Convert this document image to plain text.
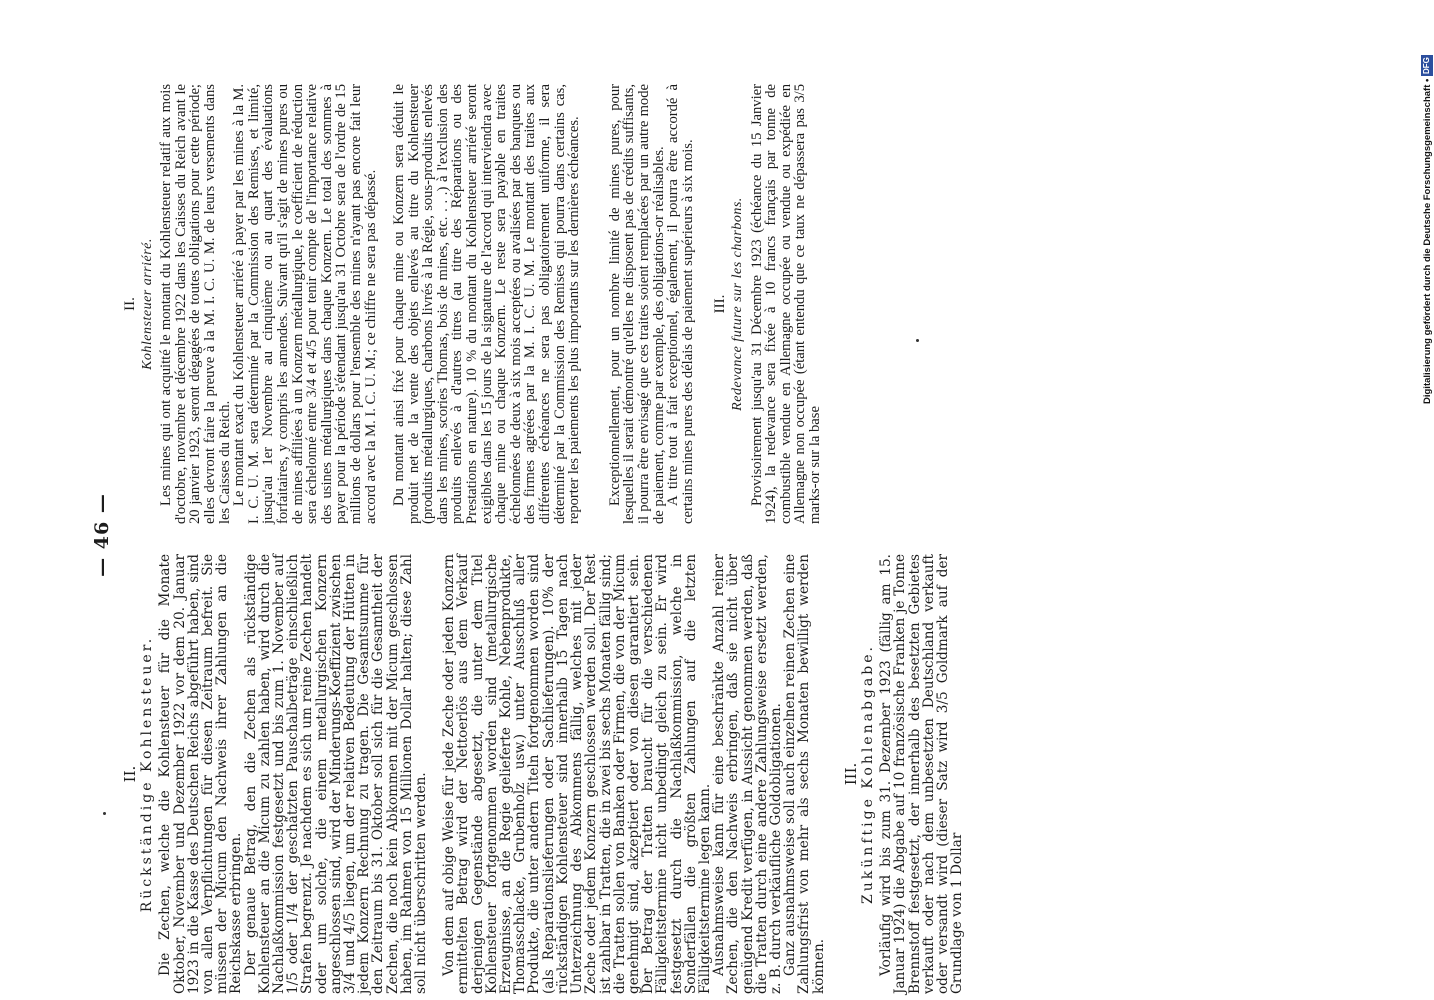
— 46 —
II. Rückständige Kohlensteuer. Die Zechen, welche die Kohlensteuer für die Monate Oktober, November und Dezember 1922 vor dem 20. Januar 1923 in die Kasse des Deutschen Reichs abgeführt haben, sind von allen Verpflichtungen für diesen Zeitraum befreit. Sie müssen der Micum den Nachweis ihrer Zahlungen an die Reichskasse erbringen.

Der genaue Betrag, den die Zechen als rückständige Kohlensteuer an die Micum zu zahlen haben, wird durch die Nachlaßkommission festgesetzt und bis zum 1. November auf 1/5 oder 1/4 der geschätzten Pauschalbeträge einschließlich Strafen begrenzt. Je nachdem es sich um reine Zechen handelt oder um solche, die einem metallurgischen Konzern angeschlossen sind, wird der Minderungs-Koeffizient zwischen 3/4 und 4/5 liegen, um der relativen Bedeutung der Hütten in jedem Konzern Rechnung zu tragen. Die Gesamtsumme für den Zeitraum bis 31. Oktober soll sich für die Gesamtheit der Zechen, die noch kein Abkommen mit der Micum geschlossen haben, im Rahmen von 15 Millionen Dollar halten; diese Zahl soll nicht überschritten werden. Von dem auf obige Weise für jede Zeche oder jeden Konzern ermittelten Betrag wird der Nettoerlös aus dem Verkauf derjenigen Gegenstände abgesetzt, die unter dem Titel Kohlensteuer fortgenommen worden sind (metallurgische Erzeugnisse, an die Regie gelieferte Kohle, Nebenprodukte, Thomasschlacke, Grubenholz usw.) unter Ausschluß aller Produkte, die unter andern Titeln fortgenommen worden sind (als Reparationslieferungen oder Sachlieferungen). 10% der rückständigen Kohlensteuer sind innerhalb 15 Tagen nach Unterzeichnung des Abkommens fällig, welches mit jeder Zeche oder jedem Konzern geschlossen werden soll. Der Rest ist zahlbar in Tratten, die in zwei bis sechs Monaten fällig sind; die Tratten sollen von Banken oder Firmen, die von der Micum genehmigt sind, akzeptiert oder von diesen garantiert sein. Der Betrag der Tratten braucht für die verschiedenen Fälligkeitstermine nicht unbedingt gleich zu sein. Er wird festgesetzt durch die Nachlaßkommission, welche in Sonderfällen die größten Zahlungen auf die letzten Fälligkeitstermine legen kann.

Ausnahmsweise kann für eine beschränkte Anzahl reiner Zechen, die den Nachweis erbringen, daß sie nicht über genügend Kredit verfügen, in Aussicht genommen werden, daß die Tratten durch eine andere Zahlungsweise ersetzt werden, z. B. durch verkäufliche Goldobligationen.

Ganz ausnahmsweise soll auch einzelnen reinen Zechen eine Zahlungsfrist von mehr als sechs Monaten bewilligt werden können.

III. Zukünftige Kohlenabgabe. Vorläufig wird bis zum 31. Dezember 1923 (fällig am 15. Januar 1924) die Abgabe auf 10 französische Franken je Tonne Brennstoff festgesetzt, der innerhalb des besetzten Gebietes verkauft oder nach dem unbesetzten Deutschland verkauft oder versandt wird (dieser Satz wird 3/5 Goldmark auf der Grundlage von 1 Dollar

II. Kohlensteuer arriéré. Les mines qui ont acquitté le montant du Kohlensteuer relatif aux mois d'octobre, novembre et décembre 1922 dans les Caisses du Reich avant le 20 janvier 1923, seront dégagées de toutes obligations pour cette période; elles devront faire la preuve à la M. I. C. U. M. de leurs versements dans les Caisses du Reich.

Le montant exact du Kohlensteuer arriéré à payer par les mines à la M. I. C. U. M. sera déterminé par la Commission des Remises, et limité, jusqu'au 1er Novembre au cinquième ou au quart des évaluations forfaitaires, y compris les amendes. Suivant qu'il s'agit de mines pures ou de mines affiliées à un Konzern métallurgique, le coefficient de réduction sera échelonné entre 3/4 et 4/5 pour tenir compte de l'importance relative des usines métallurgiques dans chaque Konzern. Le total des sommes à payer pour la période s'étendant jusqu'au 31 Octobre sera de l'ordre de 15 millions de dollars pour l'ensemble des mines n'ayant pas encore fait leur accord avec la M. I. C. U. M.; ce chiffre ne sera pas dépassé. Du montant ainsi fixé pour chaque mine ou Konzern sera déduit le produit net de la vente des objets enlevés au titre du Kohlensteuer (produits métallurgiques, charbons livrés à la Régie, sous-produits enlevés dans les mines, scories Thomas, bois de mines, etc. . . .) à l'exclusion des produits enlevés à d'autres titres (au titre des Réparations ou des Prestations en nature). 10 % du montant du Kohlensteuer arriéré seront exigibles dans les 15 jours de la signature de l'accord qui interviendra avec chaque mine ou chaque Konzern. Le reste sera payable en traites échelonnées de deux à six mois acceptées ou avalisées par des banques ou des firmes agréées par la M. I. C. U. M. Le montant des traites aux différentes échéances ne sera pas obligatoirement uniforme, il sera déterminé par la Commission des Remises qui pourra dans certains cas, reporter les paiements les plus importants sur les dernières échéances. Exceptionnellement, pour un nombre limité de mines pures, pour lesquelles il serait démontré qu'elles ne disposent pas de crédits suffisants, il pourra être envisagé que ces traites soient remplacées par un autre mode de paiement, comme par exemple, des obligations-or réalisables.

A titre tout à fait exceptionnel, également, il pourra être accordé à certains mines pures des délais de paiement supérieurs à six mois. III. Redevance future sur les charbons. Provisoirement jusqu'au 31 Décembre 1923 (échéance du 15 Janvier 1924), la redevance sera fixée à 10 francs français par tonne de combustible vendue en Allemagne occupée ou vendue ou expédiée en Allemagne non occupée (étant entendu que ce taux ne dépassera pas 3/5 marks-or sur la base

Digitalisierung gefördert durch die Deutsche Forschungsgemeinschaft • DFG
